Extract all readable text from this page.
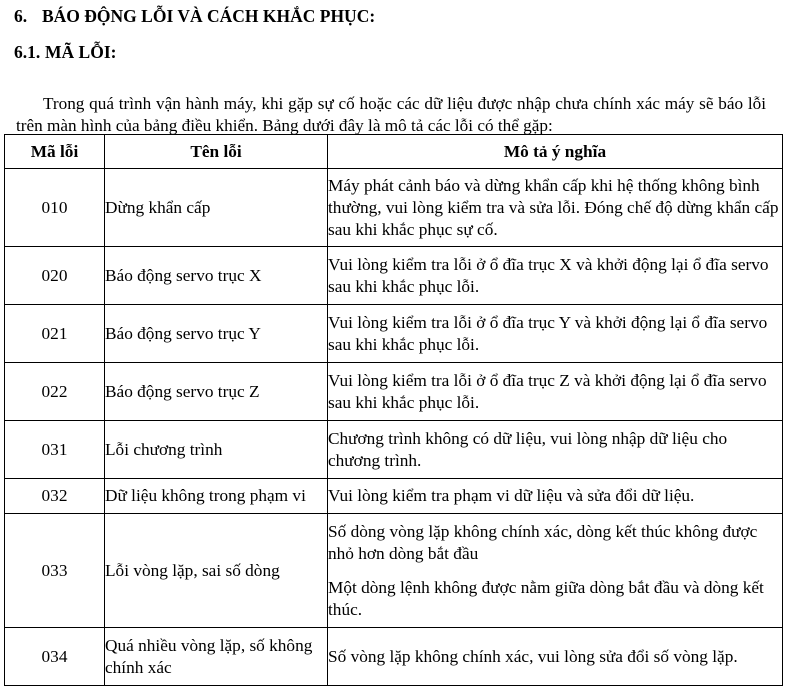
6. BÁO ĐỘNG LỖI VÀ CÁCH KHẮC PHỤC:
6.1. MÃ LỖI:

Trong quá trình vận hành máy, khi gặp sự cố hoặc các dữ liệu được nhập chưa chính xác máy sẽ báo lỗi trên màn hình của bảng điều khiển. Bảng dưới đây là mô tả các lỗi có thể gặp:

Mã lỗi	Tên lỗi	Mô tả ý nghĩa
010	Dừng khẩn cấp	Máy phát cảnh báo và dừng khẩn cấp khi hệ thống không bình thường, vui lòng kiểm tra và sửa lỗi. Đóng chế độ dừng khẩn cấp sau khi khắc phục sự cố.

020	Báo động servo trục X	Vui lòng kiểm tra lỗi ở ổ đĩa trục X và khởi động lại ổ đĩa servo sau khi khắc phục lỗi.

021	Báo động servo trục Y	Vui lòng kiểm tra lỗi ở ổ đĩa trục Y và khởi động lại ổ đĩa servo sau khi khắc phục lỗi.

022	Báo động servo trục Z	Vui lòng kiểm tra lỗi ở ổ đĩa trục Z và khởi động lại ổ đĩa servo sau khi khắc phục lỗi.

031	Lỗi chương trình	Chương trình không có dữ liệu, vui lòng nhập dữ liệu cho chương trình.

032	Dữ liệu không trong phạm vi	Vui lòng kiểm tra phạm vi dữ liệu và sửa đổi dữ liệu.

033	Lỗi vòng lặp, sai số dòng	Số dòng vòng lặp không chính xác, dòng kết thúc không được nhỏ hơn dòng bắt đầu

Một dòng lệnh không được nằm giữa dòng bắt đầu và dòng kết thúc.

034	Quá nhiều vòng lặp, số không chính xác	Số vòng lặp không chính xác, vui lòng sửa đổi số vòng lặp.
